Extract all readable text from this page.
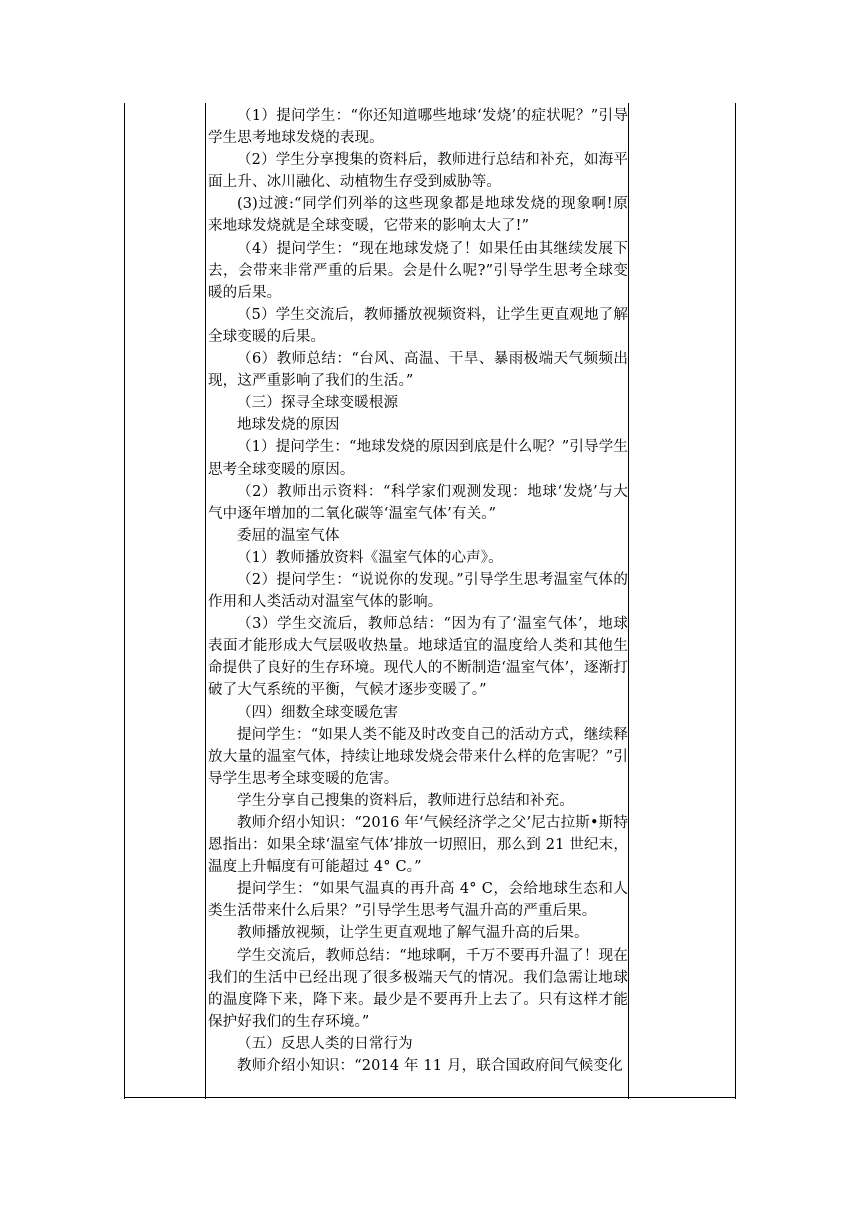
（1）提问学生：“你还知道哪些地球‘发烧’的症状呢？”引导学生思考地球发烧的表现。

（2）学生分享搜集的资料后，教师进行总结和补充，如海平面上升、冰川融化、动植物生存受到威胁等。

(3)过渡:“同学们列举的这些现象都是地球发烧的现象啊!原来地球发烧就是全球变暖，它带来的影响太大了!”

（4）提问学生：“现在地球发烧了！如果任由其继续发展下去，会带来非常严重的后果。会是什么呢?”引导学生思考全球变暖的后果。

（5）学生交流后，教师播放视频资料，让学生更直观地了解全球变暖的后果。

（6）教师总结：“台风、高温、干旱、暴雨极端天气频频出现，这严重影响了我们的生活。”

（三）探寻全球变暖根源

地球发烧的原因

（1）提问学生：“地球发烧的原因到底是什么呢？”引导学生思考全球变暖的原因。

（2）教师出示资料：“科学家们观测发现：地球‘发烧’与大气中逐年增加的二氧化碳等‘温室气体’有关。”

委屈的温室气体

（1）教师播放资料《温室气体的心声》。

（2）提问学生：“说说你的发现。”引导学生思考温室气体的作用和人类活动对温室气体的影响。

（3）学生交流后，教师总结：“因为有了‘温室气体’，地球表面才能形成大气层吸收热量。地球适宜的温度给人类和其他生命提供了良好的生存环境。现代人的不断制造‘温室气体’，逐渐打破了大气系统的平衡，气候才逐步变暖了。”

（四）细数全球变暖危害

提问学生：“如果人类不能及时改变自己的活动方式，继续释放大量的温室气体，持续让地球发烧会带来什么样的危害呢？”引导学生思考全球变暖的危害。

学生分享自己搜集的资料后，教师进行总结和补充。

教师介绍小知识：“2016 年‘气候经济学之父’尼古拉斯•斯特恩指出：如果全球‘温室气体’排放一切照旧，那么到 21 世纪末，温度上升幅度有可能超过 4° C。”

提问学生：“如果气温真的再升高 4° C，会给地球生态和人类生活带来什么后果？”引导学生思考气温升高的严重后果。

教师播放视频，让学生更直观地了解气温升高的后果。

学生交流后，教师总结：“地球啊，千万不要再升温了！现在我们的生活中已经出现了很多极端天气的情况。我们急需让地球的温度降下来，降下来。最少是不要再升上去了。只有这样才能保护好我们的生存环境。”

（五）反思人类的日常行为

教师介绍小知识：“2014 年 11 月，联合国政府间气候变化
